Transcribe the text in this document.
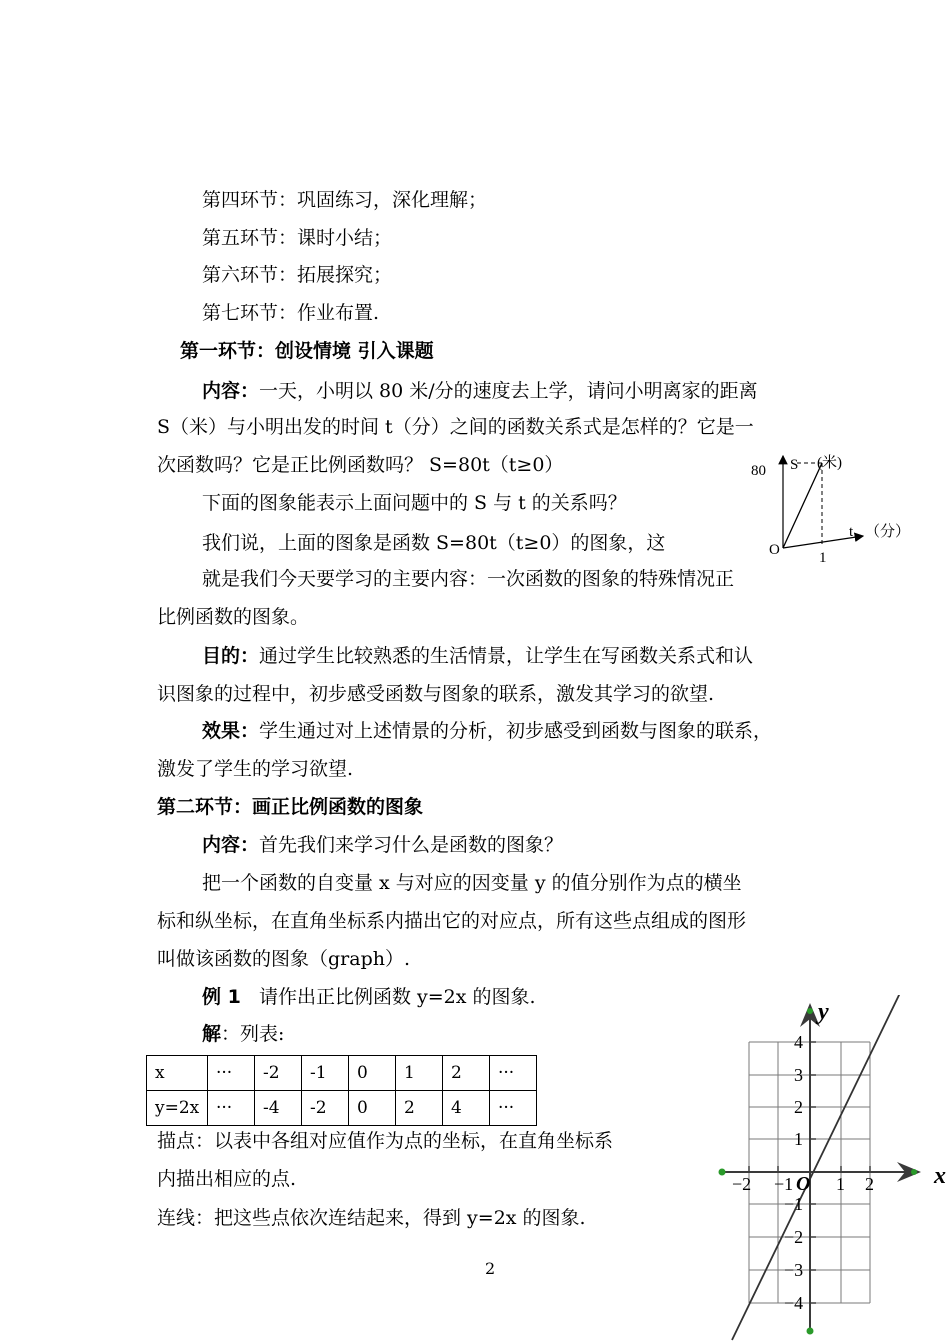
第四环节：巩固练习，深化理解；
第五环节：课时小结；
第六环节：拓展探究；
第七环节：作业布置.
第一环节：创设情境 引入课题
内容：一天，小明以 80 米/分的速度去上学，请问小明离家的距离
S（米）与小明出发的时间 t（分）之间的函数关系式是怎样的？它是一
次函数吗？它是正比例函数吗？ S=80t（t≥0）
下面的图象能表示上面问题中的 S 与 t 的关系吗？
我们说，上面的图象是函数 S=80t（t≥0）的图象，这
就是我们今天要学习的主要内容：一次函数的图象的特殊情况正
比例函数的图象。
目的：通过学生比较熟悉的生活情景，让学生在写函数关系式和认
识图象的过程中，初步感受函数与图象的联系，激发其学习的欲望.
效果：学生通过对上述情景的分析，初步感受到函数与图象的联系，
激发了学生的学习欲望.
80 S (米)
t （分）
O	1
第二环节：画正比例函数的图象
内容：首先我们来学习什么是函数的图象？
把一个函数的自变量 x 与对应的因变量 y 的值分别作为点的横坐
标和纵坐标，在直角坐标系内描出它的对应点，所有这些点组成的图形
叫做该函数的图象（graph）.
例 1 请作出正比例函数 y=2x 的图象.
解：列表:
x	···	-2	-1	0	1	2	···
y=2x	···	-4	-2	0	2	4	···
描点：以表中各组对应值作为点的坐标，在直角坐标系
内描出相应的点.
连线：把这些点依次连结起来，得到 y=2x 的图象.
x
y
O
−2 −1 1 2
4
3
2
1
−1
−2
−3
−4
2
